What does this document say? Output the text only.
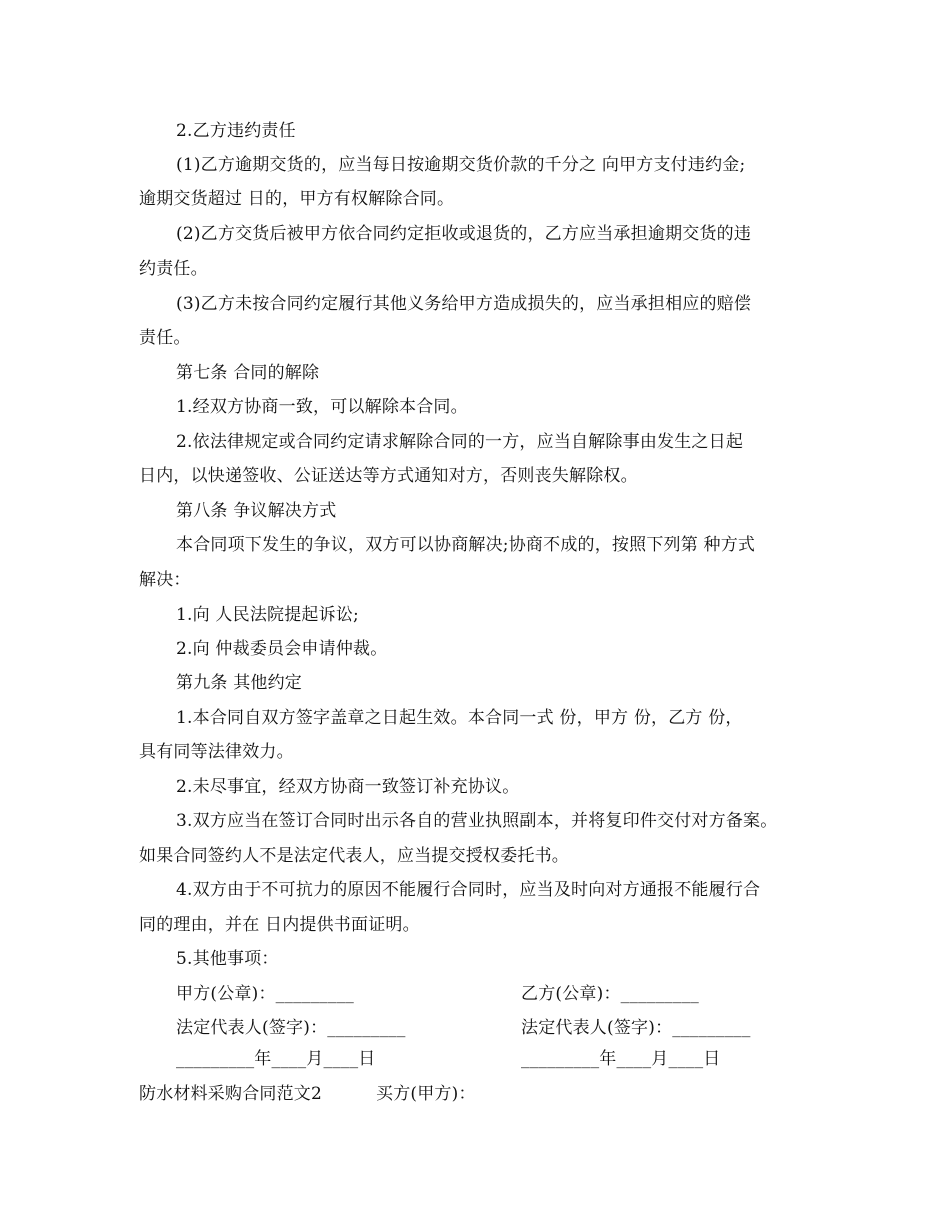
2.乙方违约责任
(1)乙方逾期交货的，应当每日按逾期交货价款的千分之 向甲方支付违约金;
逾期交货超过 日的，甲方有权解除合同。
(2)乙方交货后被甲方依合同约定拒收或退货的，乙方应当承担逾期交货的违
约责任。
(3)乙方未按合同约定履行其他义务给甲方造成损失的，应当承担相应的赔偿
责任。
第七条 合同的解除
1.经双方协商一致，可以解除本合同。
2.依法律规定或合同约定请求解除合同的一方，应当自解除事由发生之日起
日内，以快递签收、公证送达等方式通知对方，否则丧失解除权。
第八条 争议解决方式
本合同项下发生的争议，双方可以协商解决;协商不成的，按照下列第 种方式
解决：
1.向 人民法院提起诉讼;
2.向 仲裁委员会申请仲裁。
第九条 其他约定
1.本合同自双方签字盖章之日起生效。本合同一式 份，甲方 份，乙方 份，
具有同等法律效力。
2.未尽事宜，经双方协商一致签订补充协议。
3.双方应当在签订合同时出示各自的营业执照副本，并将复印件交付对方备案。
如果合同签约人不是法定代表人，应当提交授权委托书。
4.双方由于不可抗力的原因不能履行合同时，应当及时向对方通报不能履行合
同的理由，并在 日内提供书面证明。
5.其他事项：
甲方(公章)：_________	乙方(公章)：_________
法定代表人(签字)：_________	法定代表人(签字)：_________
_________年____月____日	_________年____月____日
防水材料采购合同范文2	买方(甲方)：
